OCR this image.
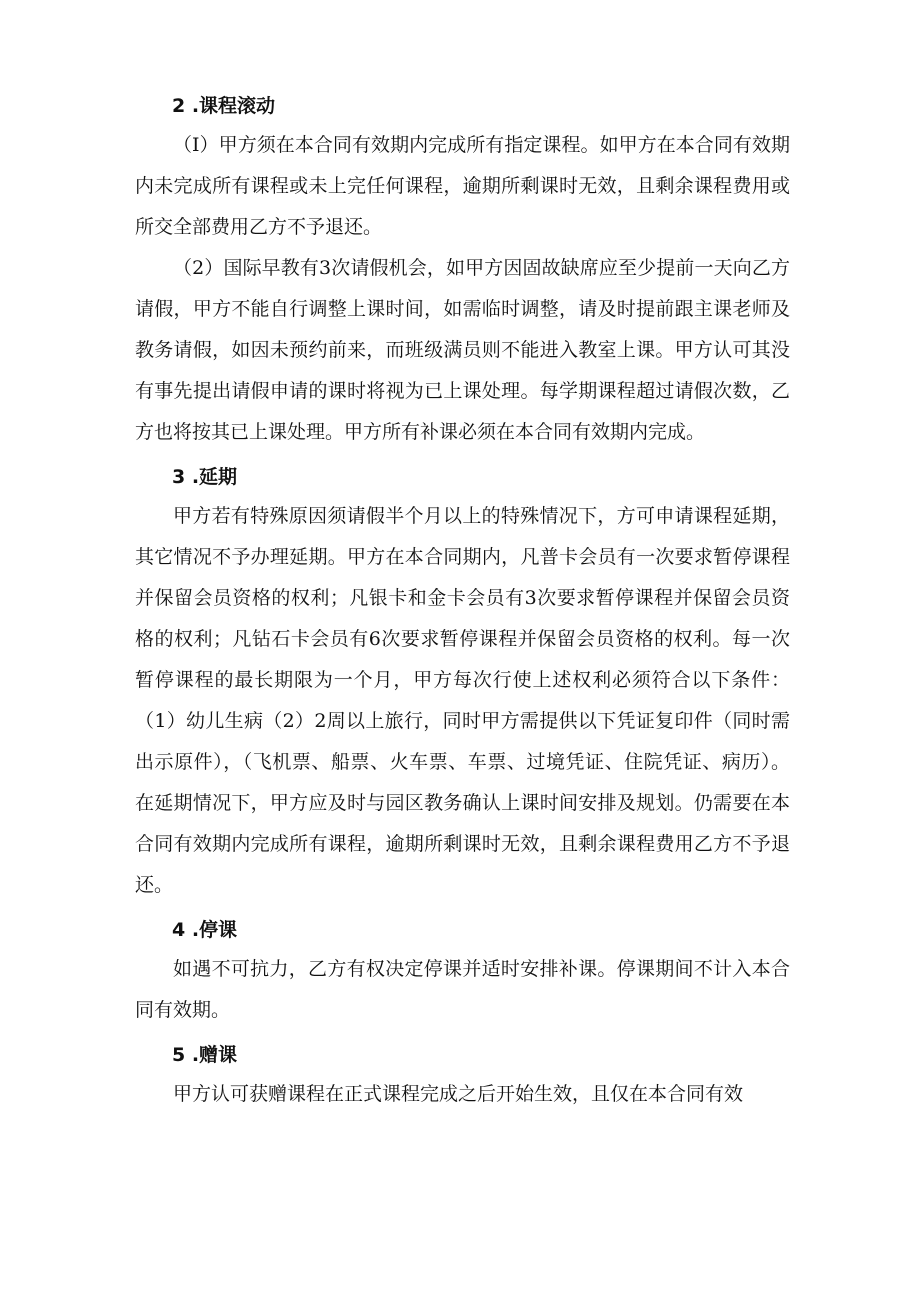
2 .课程滚动

（I）甲方须在本合同有效期内完成所有指定课程。如甲方在本合同有效期内未完成所有课程或未上完任何课程，逾期所剩课时无效，且剩余课程费用或所交全部费用乙方不予退还。

（2）国际早教有3次请假机会，如甲方因固故缺席应至少提前一天向乙方请假，甲方不能自行调整上课时间，如需临时调整，请及时提前跟主课老师及教务请假，如因未预约前来，而班级满员则不能进入教室上课。甲方认可其没有事先提出请假申请的课时将视为已上课处理。每学期课程超过请假次数，乙方也将按其已上课处理。甲方所有补课必须在本合同有效期内完成。

3 .延期

甲方若有特殊原因须请假半个月以上的特殊情况下，方可申请课程延期，其它情况不予办理延期。甲方在本合同期内，凡普卡会员有一次要求暂停课程并保留会员资格的权利；凡银卡和金卡会员有3次要求暂停课程并保留会员资格的权利；凡钻石卡会员有6次要求暂停课程并保留会员资格的权利。每一次暂停课程的最长期限为一个月，甲方每次行使上述权利必须符合以下条件：（1）幼儿生病（2）2周以上旅行，同时甲方需提供以下凭证复印件（同时需出示原件），（飞机票、船票、火车票、车票、过境凭证、住院凭证、病历）。在延期情况下，甲方应及时与园区教务确认上课时间安排及规划。仍需要在本合同有效期内完成所有课程，逾期所剩课时无效，且剩余课程费用乙方不予退还。

4 .停课

如遇不可抗力，乙方有权决定停课并适时安排补课。停课期间不计入本合同有效期。

5 .赠课

甲方认可获赠课程在正式课程完成之后开始生效，且仅在本合同有效
